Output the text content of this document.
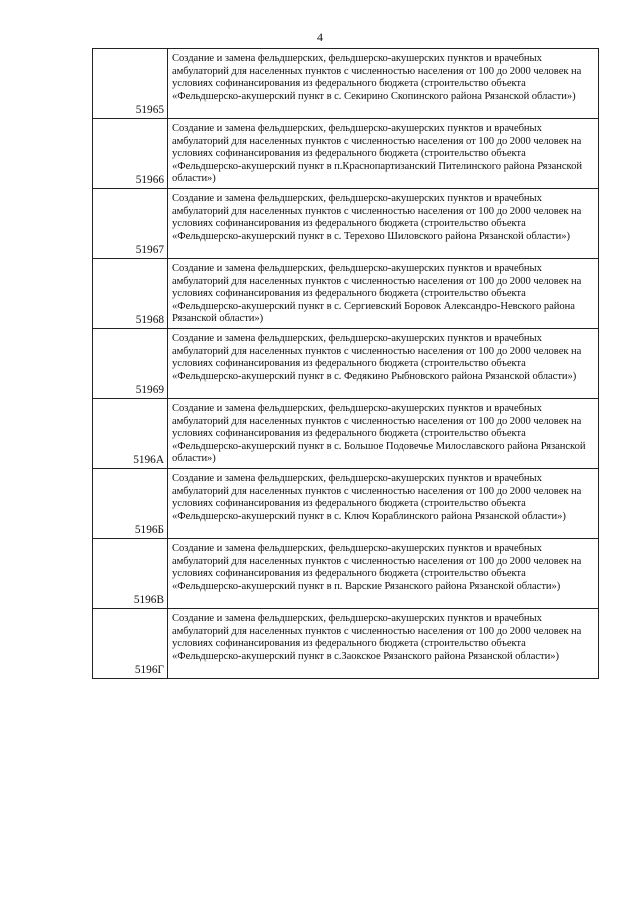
4
51965	Создание и замена фельдшерских, фельдшерско-акушерских пунктов и врачебных амбулаторий для населенных пунктов с численностью населения от 100 до 2000 человек на условиях софинансирования из федерального бюджета (строительство объекта «Фельдшерско-акушерский пункт в с. Секирино Скопинского района Рязанской области»)

51966	Создание и замена фельдшерских, фельдшерско-акушерских пунктов и врачебных амбулаторий для населенных пунктов с численностью населения от 100 до 2000 человек на условиях софинансирования из федерального бюджета (строительство объекта «Фельдшерско-акушерский пункт в п.Краснопартизанский Пителинского района Рязанской области»)

51967	Создание и замена фельдшерских, фельдшерско-акушерских пунктов и врачебных амбулаторий для населенных пунктов с численностью населения от 100 до 2000 человек на условиях софинансирования из федерального бюджета (строительство объекта «Фельдшерско-акушерский пункт в с. Терехово Шиловского района Рязанской области»)

51968	Создание и замена фельдшерских, фельдшерско-акушерских пунктов и врачебных амбулаторий для населенных пунктов с численностью населения от 100 до 2000 человек на условиях софинансирования из федерального бюджета (строительство объекта «Фельдшерско-акушерский пункт в с. Сергиевский Боровок Александро-Невского района Рязанской области»)

51969	Создание и замена фельдшерских, фельдшерско-акушерских пунктов и врачебных амбулаторий для населенных пунктов с численностью населения от 100 до 2000 человек на условиях софинансирования из федерального бюджета (строительство объекта «Фельдшерско-акушерский пункт в с. Федякино Рыбновского района Рязанской области»)

5196А	Создание и замена фельдшерских, фельдшерско-акушерских пунктов и врачебных амбулаторий для населенных пунктов с численностью населения от 100 до 2000 человек на условиях софинансирования из федерального бюджета (строительство объекта «Фельдшерско-акушерский пункт в с. Большое Подовечье Милославского района Рязанской области»)

5196Б	Создание и замена фельдшерских, фельдшерско-акушерских пунктов и врачебных амбулаторий для населенных пунктов с численностью населения от 100 до 2000 человек на условиях софинансирования из федерального бюджета (строительство объекта «Фельдшерско-акушерский пункт в с. Ключ Кораблинского района Рязанской области»)

5196В	Создание и замена фельдшерских, фельдшерско-акушерских пунктов и врачебных амбулаторий для населенных пунктов с численностью населения от 100 до 2000 человек на условиях софинансирования из федерального бюджета (строительство объекта «Фельдшерско-акушерский пункт в п. Варские Рязанского района Рязанской области»)

5196Г	Создание и замена фельдшерских, фельдшерско-акушерских пунктов и врачебных амбулаторий для населенных пунктов с численностью населения от 100 до 2000 человек на условиях софинансирования из федерального бюджета (строительство объекта «Фельдшерско-акушерский пункт в с.Заокское Рязанского района Рязанской области»)
